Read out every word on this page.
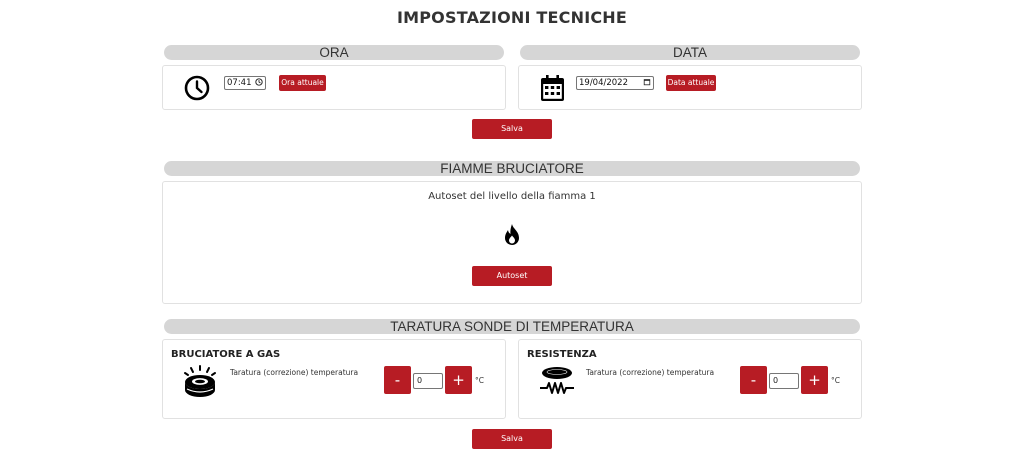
IMPOSTAZIONI TECNICHE
ORA
07:41	Ora attuale
DATA
19/04/2022	Data attuale
Salva
FIAMME BRUCIATORE
Autoset del livello della fiamma 1
Autoset
TARATURA SONDE DI TEMPERATURA
BRUCIATORE A GAS
Taratura (correzione) temperatura	-	0	+	°C
RESISTENZA
Taratura (correzione) temperatura	-	0	+	°C
Salva
